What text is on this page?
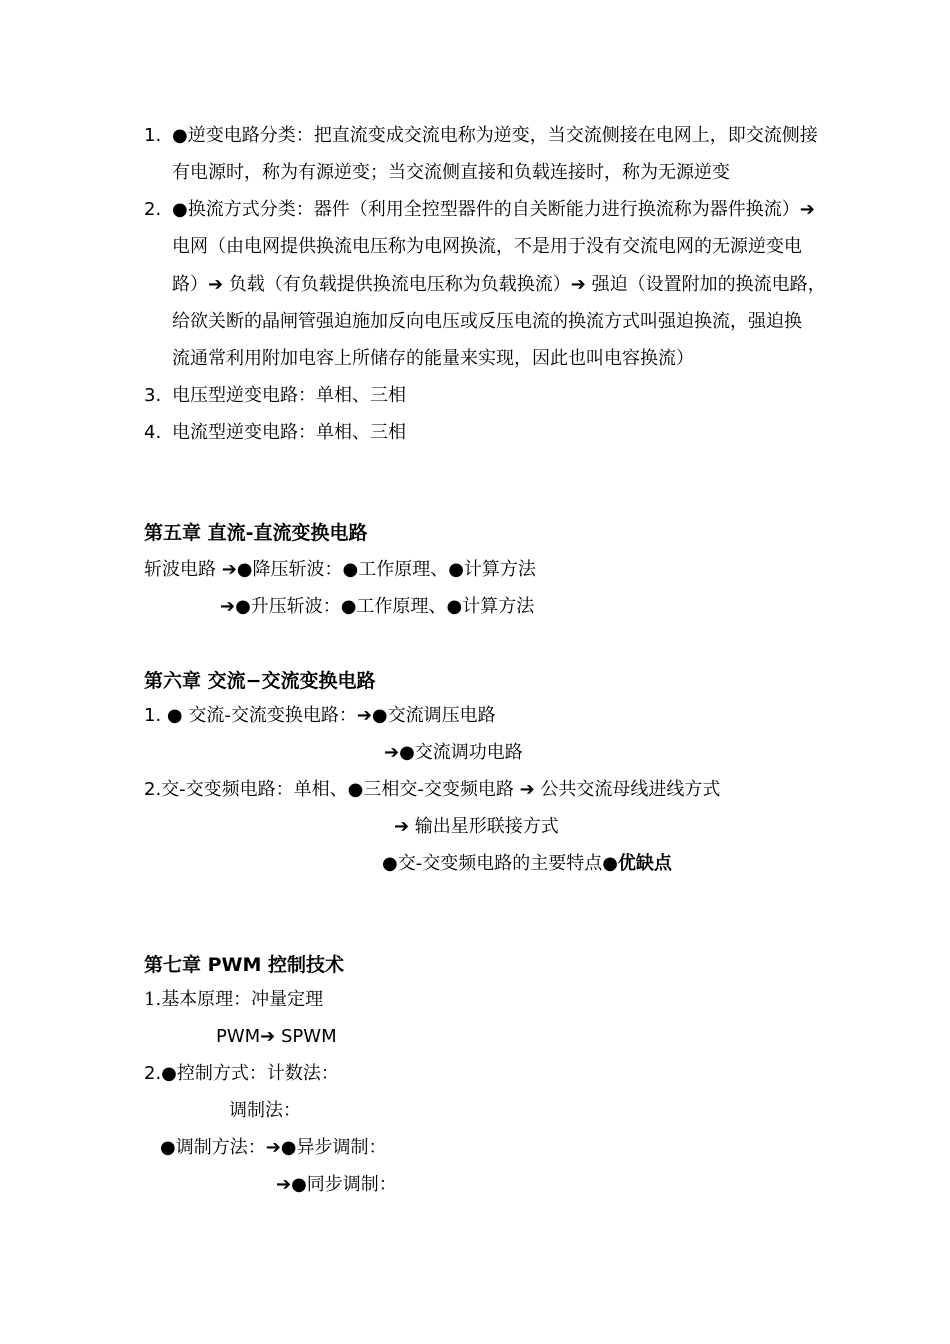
1. ●逆变电路分类：把直流变成交流电称为逆变，当交流侧接在电网上，即交流侧接
有电源时，称为有源逆变；当交流侧直接和负载连接时，称为无源逆变
2. ●换流方式分类：器件（利用全控型器件的自关断能力进行换流称为器件换流）➔
电网（由电网提供换流电压称为电网换流，不是用于没有交流电网的无源逆变电
路）➔ 负载（有负载提供换流电压称为负载换流）➔ 强迫（设置附加的换流电路，
给欲关断的晶闸管强迫施加反向电压或反压电流的换流方式叫强迫换流，强迫换
流通常利用附加电容上所储存的能量来实现，因此也叫电容换流）
3. 电压型逆变电路：单相、三相
4. 电流型逆变电路：单相、三相
第五章 直流-直流变换电路
斩波电路 ➔●降压斩波：●工作原理、●计算方法
➔●升压斩波：●工作原理、●计算方法
第六章 交流−交流变换电路
1. ● 交流-交流变换电路：➔●交流调压电路
➔●交流调功电路
2.交-交变频电路：单相、●三相交-交变频电路 ➔ 公共交流母线进线方式
➔ 输出星形联接方式
●交-交变频电路的主要特点●优缺点
第七章 PWM 控制技术
1.基本原理：冲量定理
PWM➔ SPWM
2.●控制方式：计数法：
调制法：
●调制方法：➔●异步调制：
➔●同步调制：
